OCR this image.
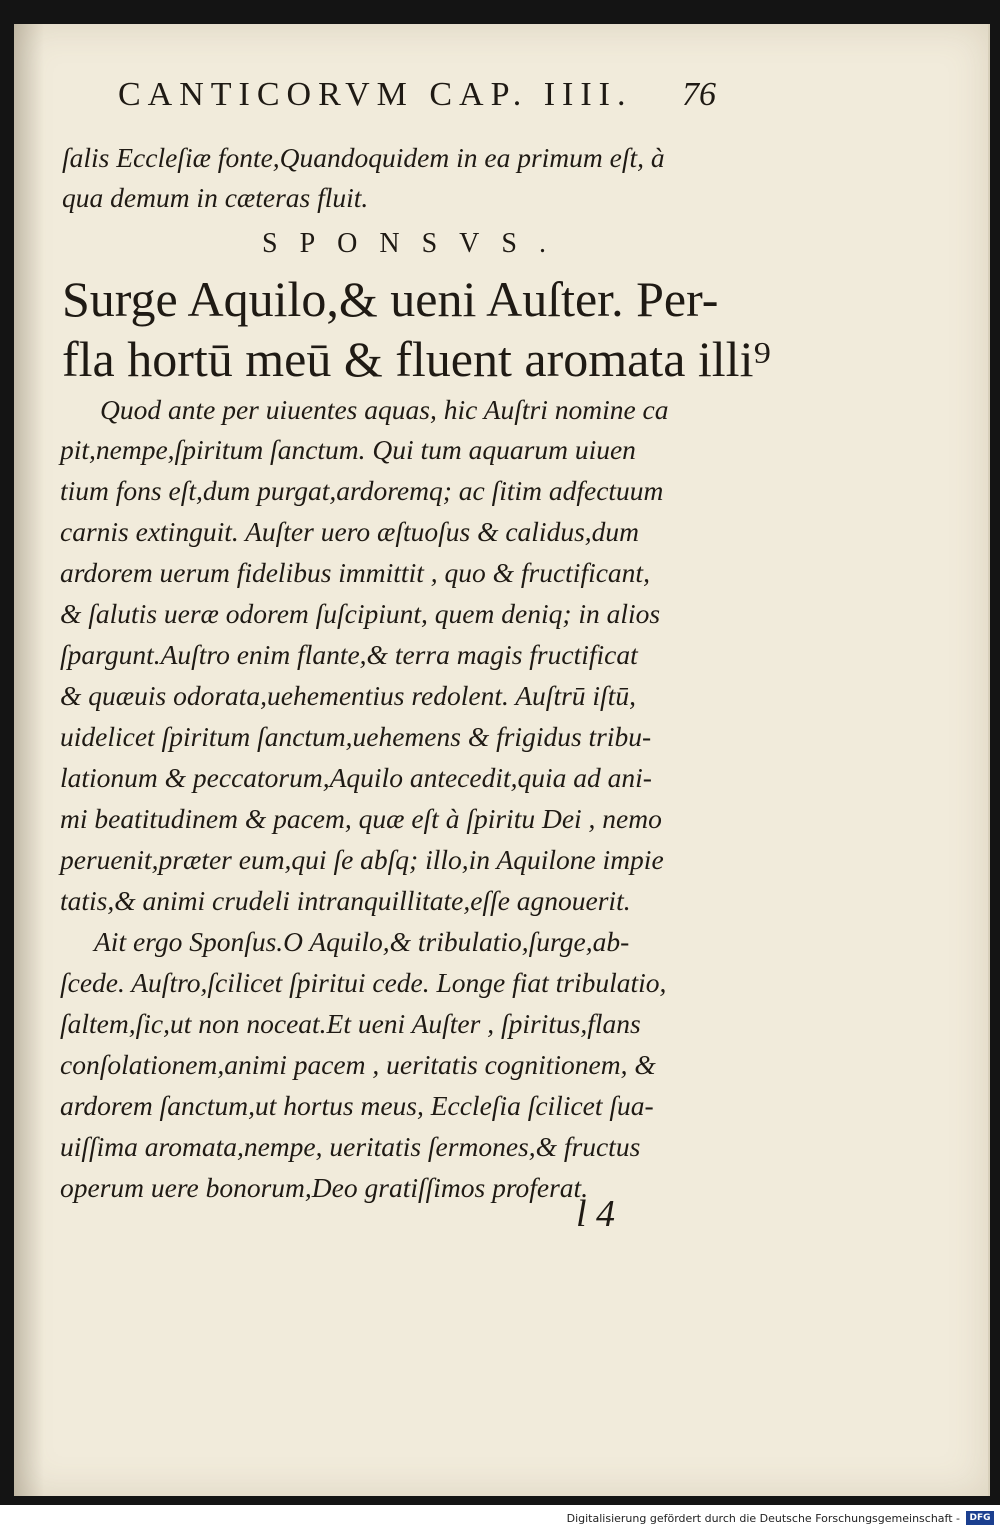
CANTICORVM CAP. IIII. 76
ſalis Eccleſiæ fonte,Quandoquidem in ea primum eſt, à
qua demum in cæteras fluit.
SPONSVS.
Surge Aquilo,& ueni Auſter. Per-
fla hortū meū & fluent aromata illi⁹
Quod ante per uiuentes aquas, hic Auſtri nomine ca
pit,nempe,ſpiritum ſanctum. Qui tum aquarum uiuen
tium fons eſt,dum purgat,ardoremq; ac ſitim adfectuum
carnis extinguit. Auſter uero æſtuoſus & calidus,dum
ardorem uerum fidelibus immittit , quo & fructificant,
& ſalutis ueræ odorem ſuſcipiunt, quem deniq; in alios
ſpargunt.Auſtro enim flante,& terra magis fructificat
& quæuis odorata,uehementius redolent. Auſtrū iſtū,
uidelicet ſpiritum ſanctum,uehemens & frigidus tribu-
lationum & peccatorum,Aquilo antecedit,quia ad ani-
mi beatitudinem & pacem, quæ eſt à ſpiritu Dei , nemo
peruenit,præter eum,qui ſe abſq; illo,in Aquilone impie
tatis,& animi crudeli intranquillitate,eſſe agnouerit.
Ait ergo Sponſus.O Aquilo,& tribulatio,ſurge,ab-
ſcede. Auſtro,ſcilicet ſpiritui cede. Longe fiat tribulatio,
ſaltem,ſic,ut non noceat.Et ueni Auſter , ſpiritus,flans
conſolationem,animi pacem , ueritatis cognitionem, &
ardorem ſanctum,ut hortus meus, Eccleſia ſcilicet ſua-
uiſſima aromata,nempe, ueritatis ſermones,& fructus
operum uere bonorum,Deo gratiſſimos proferat.
l 4
Digitalisierung gefördert durch die Deutsche Forschungsgemeinschaft -	DFG
